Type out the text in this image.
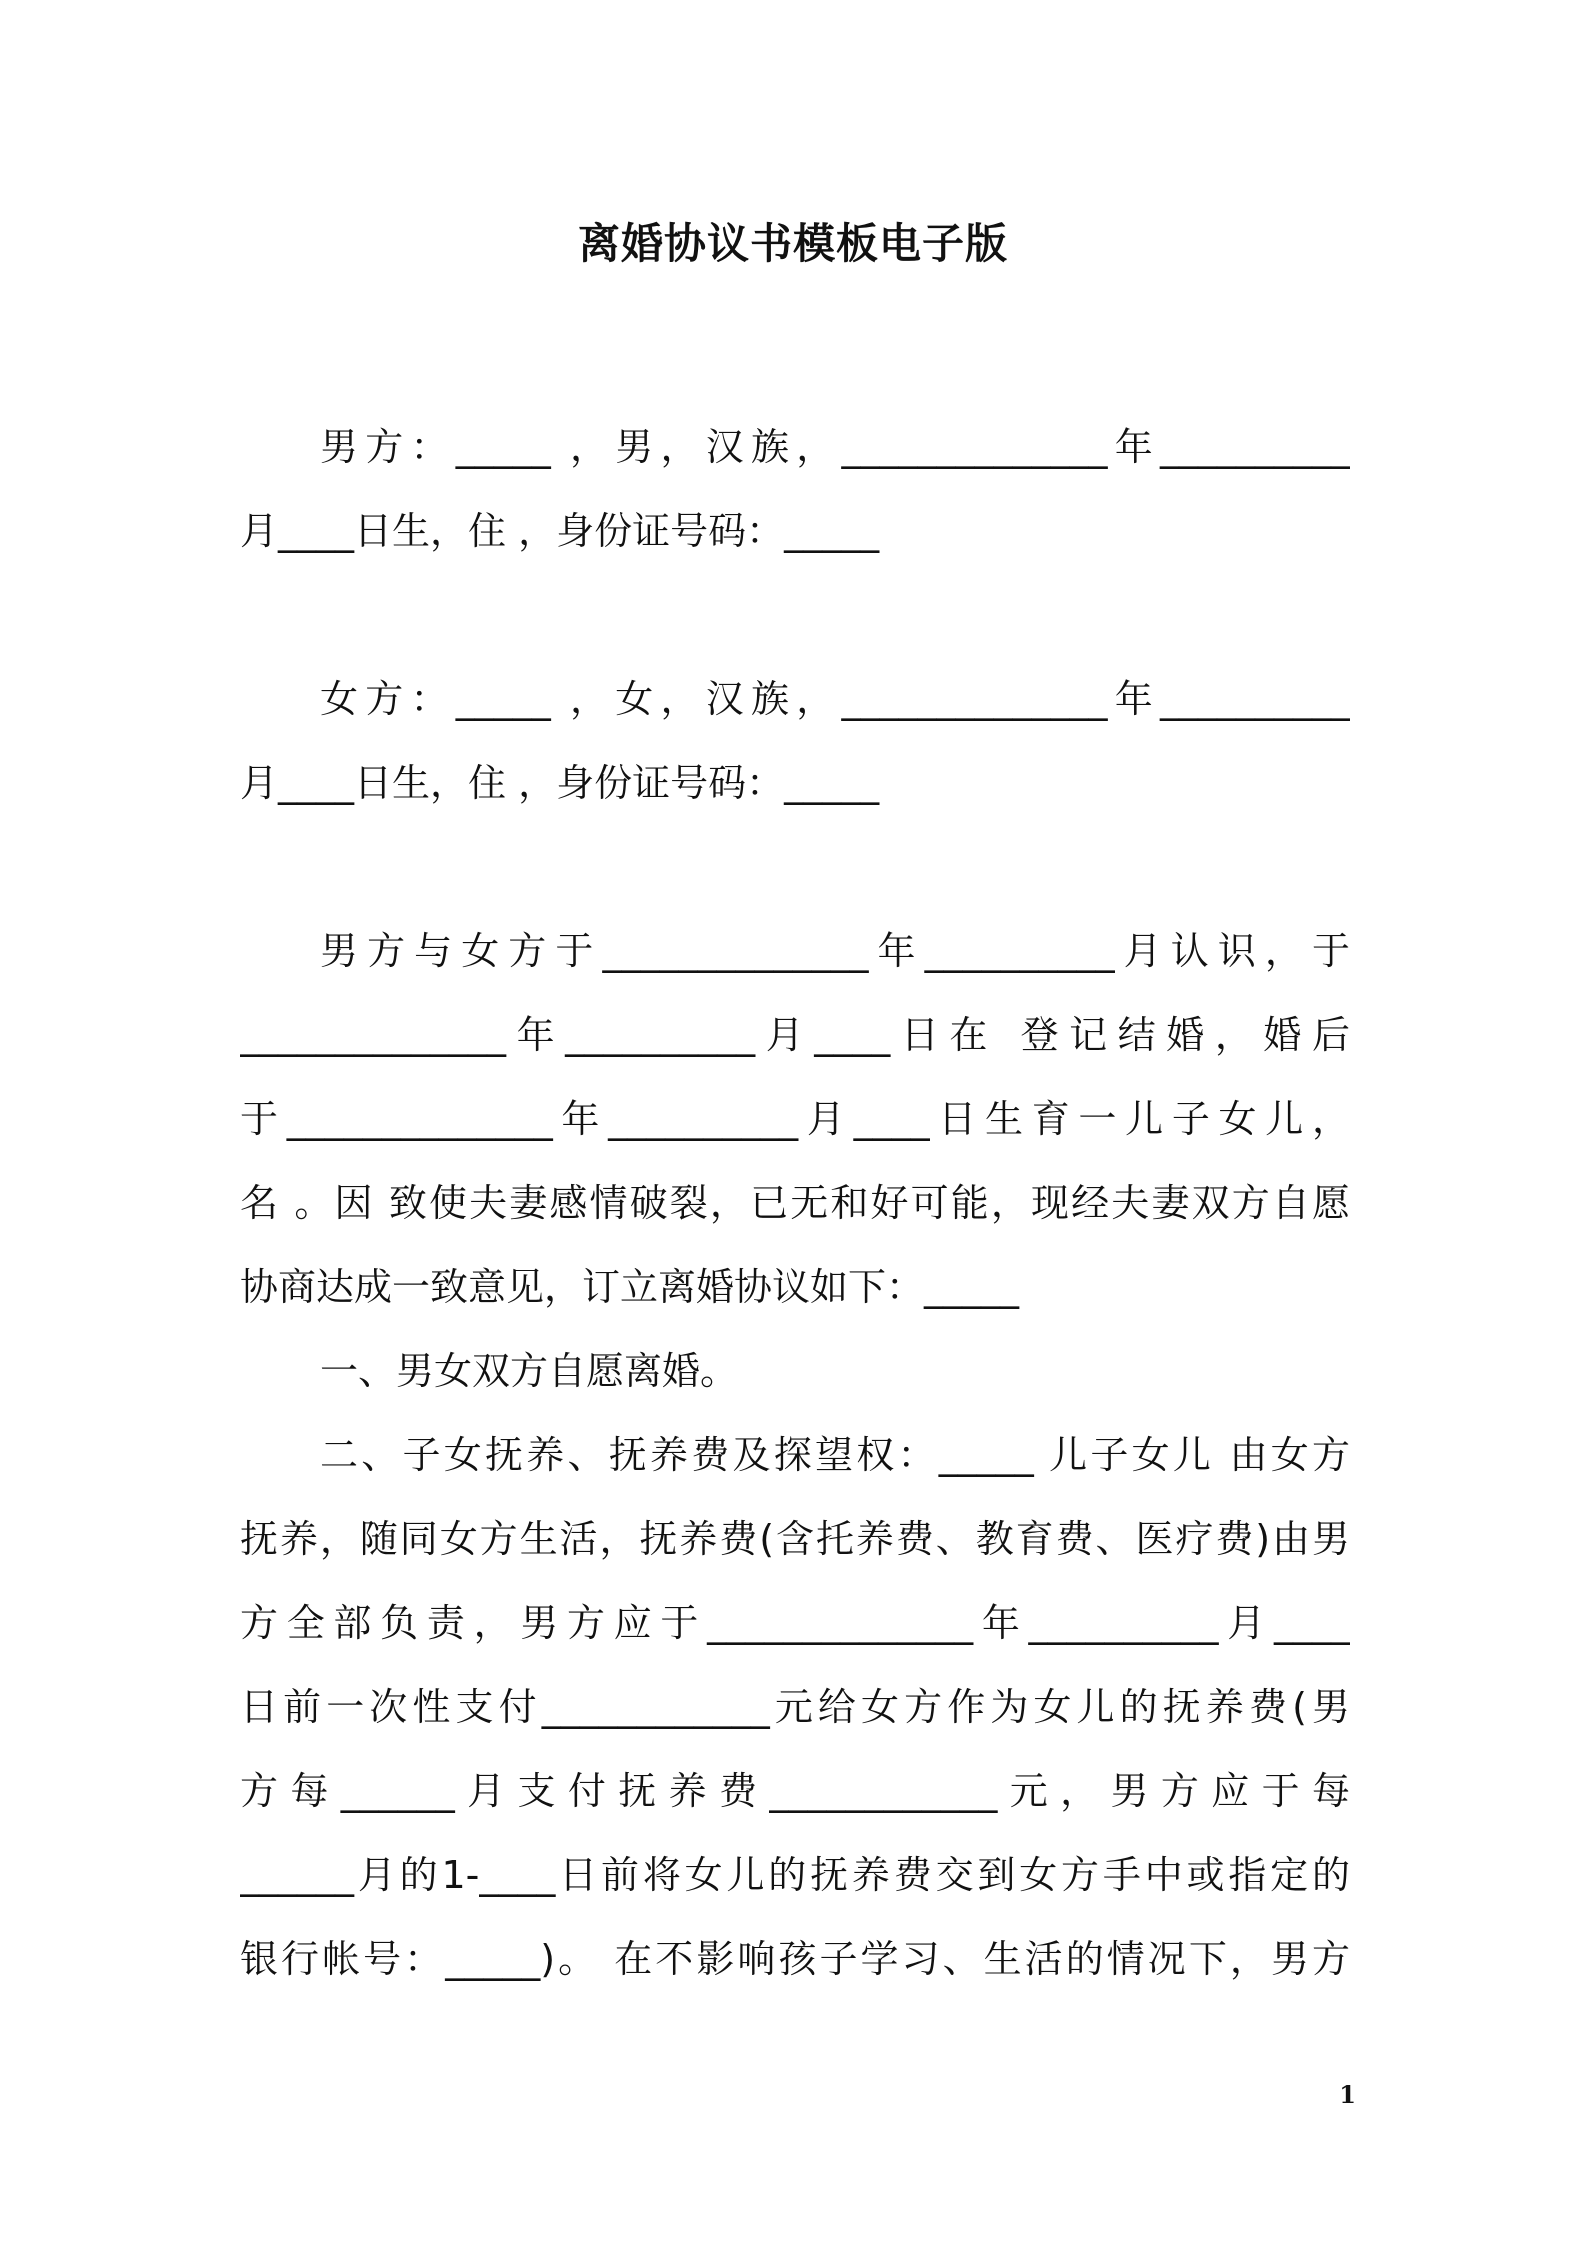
离婚协议书模板电子版
男方：_____ ，男，汉族，______________年__________
月____日生，住 ，身份证号码：_____
女方：_____ ，女，汉族，______________年__________
月____日生，住 ，身份证号码：_____
男方与女方于______________年__________月认识，于
______________年__________月____日在 登记结婚，婚后
于______________年__________月____日生育一儿子女儿，
名 。因 致使夫妻感情破裂，已无和好可能，现经夫妻双方自愿
协商达成一致意见，订立离婚协议如下：_____
一、男女双方自愿离婚。
二、子女抚养、抚养费及探望权：_____ 儿子女儿 由女方
抚养，随同女方生活，抚养费(含托养费、教育费、医疗费)由男
方全部负责，男方应于______________年__________月____
日前一次性支付____________元给女方作为女儿的抚养费(男
方每______月支付抚养费____________元，男方应于每
______月的1-____日前将女儿的抚养费交到女方手中或指定的
银行帐号：_____)。 在不影响孩子学习、生活的情况下，男方
1
